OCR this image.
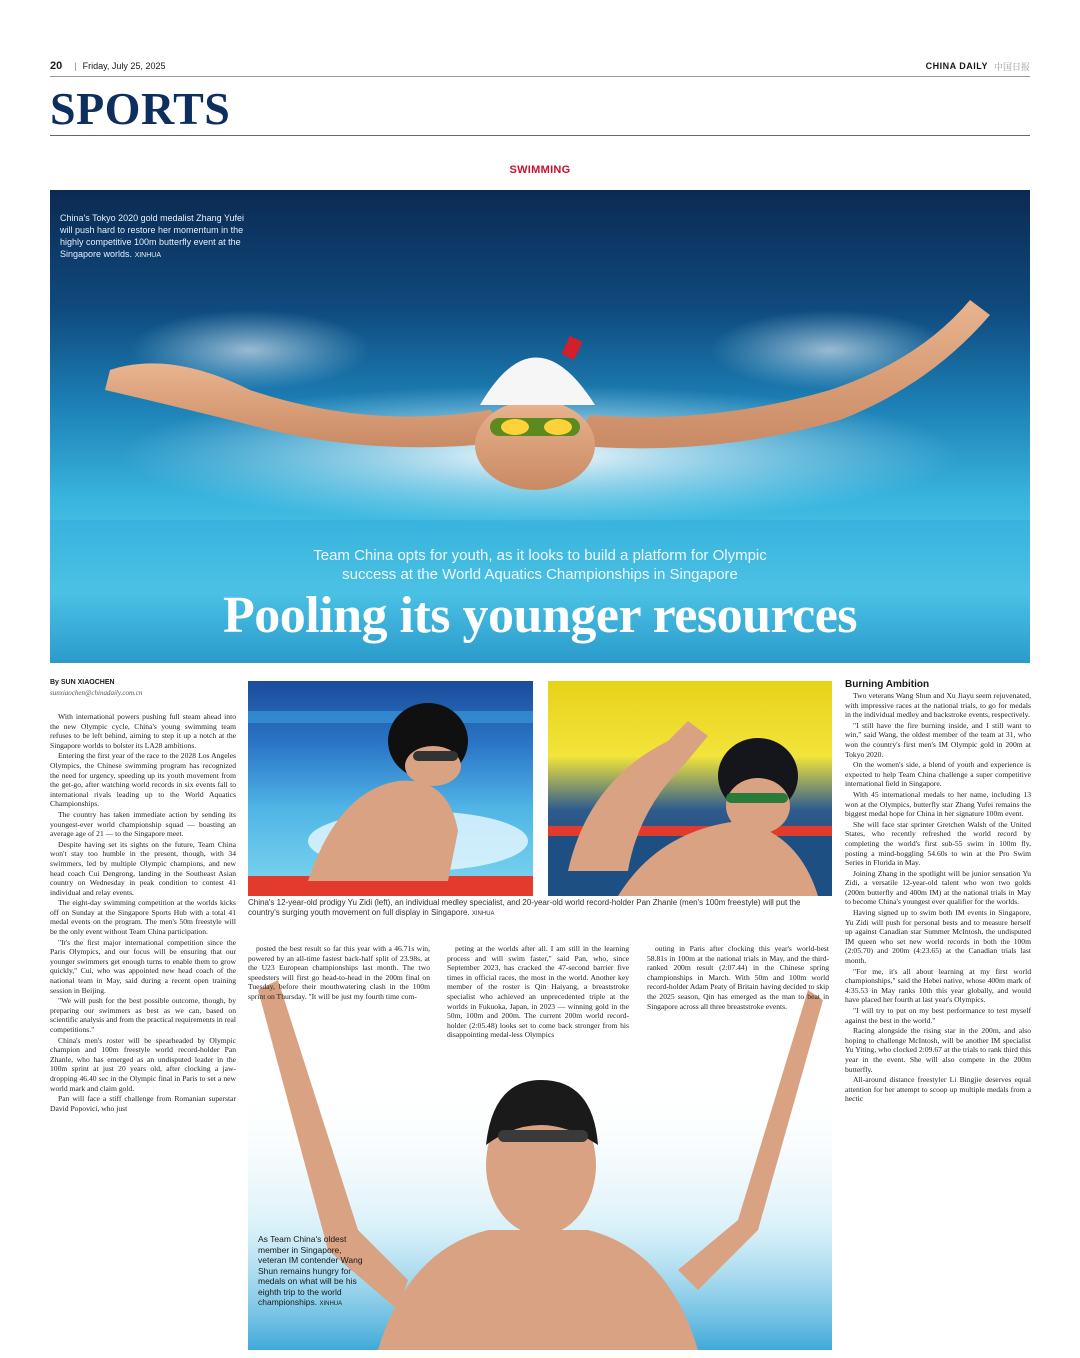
20 | Friday, July 25, 2025	CHINA DAILY 中国日报
SPORTS
SWIMMING
China's Tokyo 2020 gold medalist Zhang Yufei will push hard to restore her momentum in the highly competitive 100m butterfly event at the Singapore worlds. XINHUA
Team China opts for youth, as it looks to build a platform for Olympic
success at the World Aquatics Championships in Singapore
Pooling its younger resources
By SUN XIAOCHEN
sunxiaochen@chinadaily.com.cn

With international powers pushing full steam ahead into the new Olympic cycle, China's young swimming team refuses to be left behind, aiming to step it up a notch at the Singapore worlds to bolster its LA28 ambitions.

Entering the first year of the race to the 2028 Los Angeles Olympics, the Chinese swimming program has recognized the need for urgency, speeding up its youth movement from the get-go, after watching world records in six events fall to international rivals leading up to the World Aquatics Championships.

The country has taken immediate action by sending its youngest-ever world championship squad — boasting an average age of 21 — to the Singapore meet.

Despite having set its sights on the future, Team China won't stay too humble in the present, though, with 34 swimmers, led by multiple Olympic champions, and new head coach Cui Dengrong, landing in the Southeast Asian country on Wednesday in peak condition to contest 41 individual and relay events.

The eight-day swimming competition at the worlds kicks off on Sunday at the Singapore Sports Hub with a total 41 medal events on the program. The men's 50m freestyle will be the only event without Team China participation.

"It's the first major international competition since the Paris Olympics, and our focus will be ensuring that our younger swimmers get enough turns to enable them to grow quickly," Cui, who was appointed new head coach of the national team in May, said during a recent open training session in Beijing.

"We will push for the best possible outcome, though, by preparing our swimmers as best as we can, based on scientific analysis and from the practical requirements in real competitions."

China's men's roster will be spearheaded by Olympic champion and 100m freestyle world record-holder Pan Zhanle, who has emerged as an undisputed leader in the 100m sprint at just 20 years old, after clocking a jaw-dropping 46.40 sec in the Olympic final in Paris to set a new world mark and claim gold.

Pan will face a stiff challenge from Romanian superstar David Popovici, who just

China's 12-year-old prodigy Yu Zidi (left), an individual medley specialist, and 20-year-old world record-holder Pan Zhanle (men's 100m freestyle) will put the country's surging youth movement on full display in Singapore. XINHUA

posted the best result so far this year with a 46.71s win, powered by an all-time fastest back-half split of 23.98s, at the U23 European championships last month. The two speedsters will first go head-to-head in the 200m final on Tuesday, before their mouthwatering clash in the 100m sprint on Thursday. "It will be just my fourth time com-

peting at the worlds after all. I am still in the learning process and will swim faster," said Pan, who, since September 2023, has cracked the 47-second barrier five times in official races, the most in the world. Another key member of the roster is Qin Haiyang, a breaststroke specialist who achieved an unprecedented triple at the worlds in Fukuoka, Japan, in 2023 — winning gold in the 50m, 100m and 200m. The current 200m world record-holder (2:05.48) looks set to come back stronger from his disappointing medal-less Olympics

outing in Paris after clocking this year's world-best 58.81s in 100m at the national trials in May, and the third-ranked 200m result (2:07.44) in the Chinese spring championships in March. With 50m and 100m world record-holder Adam Peaty of Britain having decided to skip the 2025 season, Qin has emerged as the man to beat in Singapore across all three breaststroke events.

As Team China's oldest member in Singapore, veteran IM contender Wang Shun remains hungry for medals on what will be his eighth trip to the world championships. XINHUA
Burning Ambition

Two veterans Wang Shun and Xu Jiayu seem rejuvenated, with impressive races at the national trials, to go for medals in the individual medley and backstroke events, respectively.

"I still have the fire burning inside, and I still want to win," said Wang, the oldest member of the team at 31, who won the country's first men's IM Olympic gold in 200m at Tokyo 2020.

On the women's side, a blend of youth and experience is expected to help Team China challenge a super competitive international field in Singapore.

With 45 international medals to her name, including 13 won at the Olympics, butterfly star Zhang Yufei remains the biggest medal hope for China in her signature 100m event.

She will face star sprinter Gretchen Walsh of the United States, who recently refreshed the world record by completing the world's first sub-55 swim in 100m fly, posting a mind-boggling 54.60s to win at the Pro Swim Series in Florida in May.

Joining Zhang in the spotlight will be junior sensation Yu Zidi, a versatile 12-year-old talent who won two golds (200m butterfly and 400m IM) at the national trials in May to become China's youngest ever qualifier for the worlds.

Having signed up to swim both IM events in Singapore, Yu Zidi will push for personal bests and to measure herself up against Canadian star Summer McIntosh, the undisputed IM queen who set new world records in both the 100m (2:05.70) and 200m (4:23.65) at the Canadian trials last month.

"For me, it's all about learning at my first world championships," said the Hebei native, whose 400m mark of 4:35.53 in May ranks 10th this year globally, and would have placed her fourth at last year's Olympics.

"I will try to put on my best performance to test myself against the best in the world."

Racing alongside the rising star in the 200m, and also hoping to challenge McIntosh, will be another IM specialist Yu Yiting, who clocked 2:09.67 at the trials to rank third this year in the event. She will also compete in the 200m butterfly.

All-around distance freestyler Li Bingjie deserves equal attention for her attempt to scoop up multiple medals from a hectic
